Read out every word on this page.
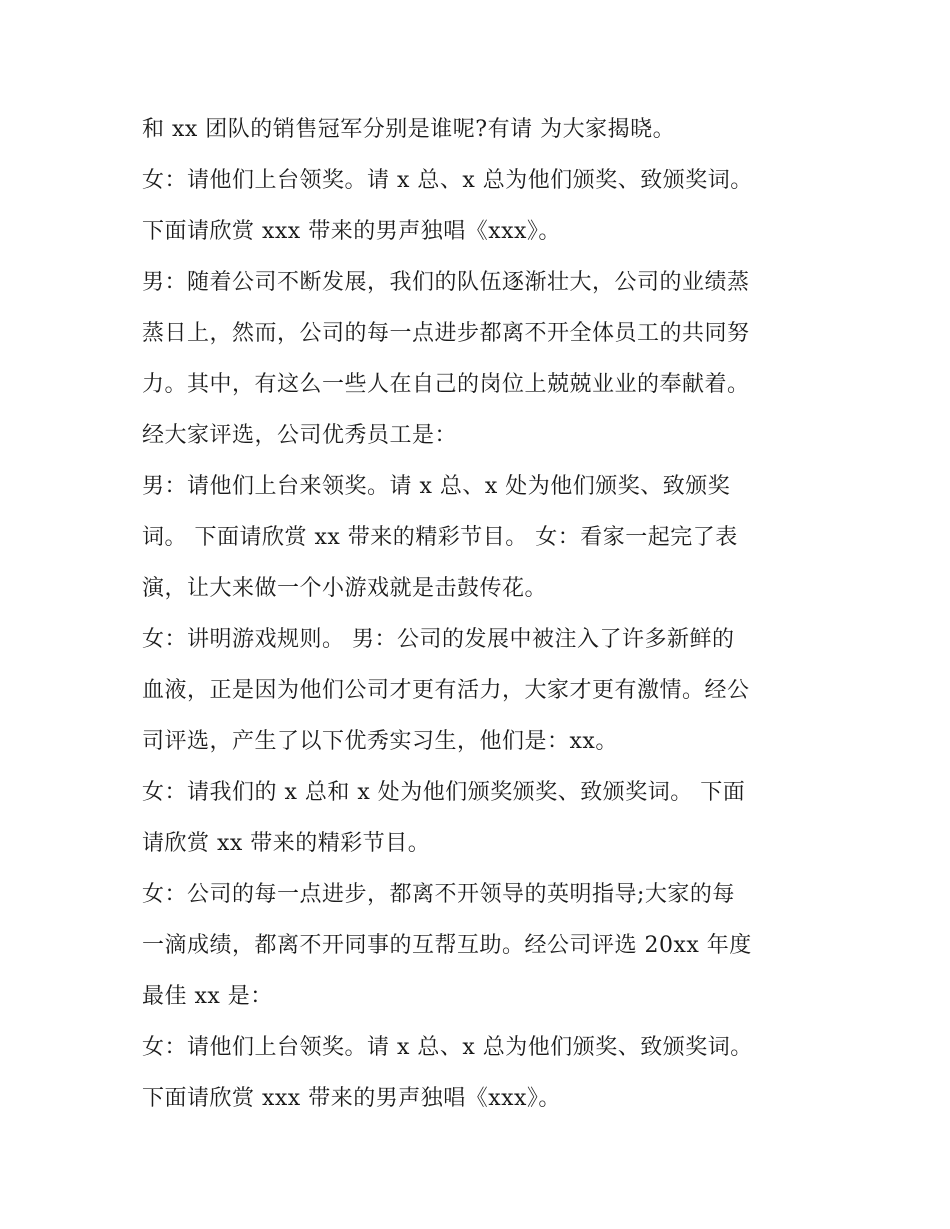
和 xx 团队的销售冠军分别是谁呢?有请 为大家揭晓。
女：请他们上台领奖。请 x 总、x 总为他们颁奖、致颁奖词。
下面请欣赏 xxx 带来的男声独唱《xxx》。
男：随着公司不断发展，我们的队伍逐渐壮大，公司的业绩蒸
蒸日上，然而，公司的每一点进步都离不开全体员工的共同努
力。其中，有这么一些人在自己的岗位上兢兢业业的奉献着。
经大家评选，公司优秀员工是：
男：请他们上台来领奖。请 x 总、x 处为他们颁奖、致颁奖
词。 下面请欣赏 xx 带来的精彩节目。 女：看家一起完了表
演，让大来做一个小游戏就是击鼓传花。
女：讲明游戏规则。 男：公司的发展中被注入了许多新鲜的
血液，正是因为他们公司才更有活力，大家才更有激情。经公
司评选，产生了以下优秀实习生，他们是：xx。
女：请我们的 x 总和 x 处为他们颁奖颁奖、致颁奖词。 下面
请欣赏 xx 带来的精彩节目。
女：公司的每一点进步，都离不开领导的英明指导;大家的每
一滴成绩，都离不开同事的互帮互助。经公司评选 20xx 年度
最佳 xx 是：
女：请他们上台领奖。请 x 总、x 总为他们颁奖、致颁奖词。
下面请欣赏 xxx 带来的男声独唱《xxx》。
